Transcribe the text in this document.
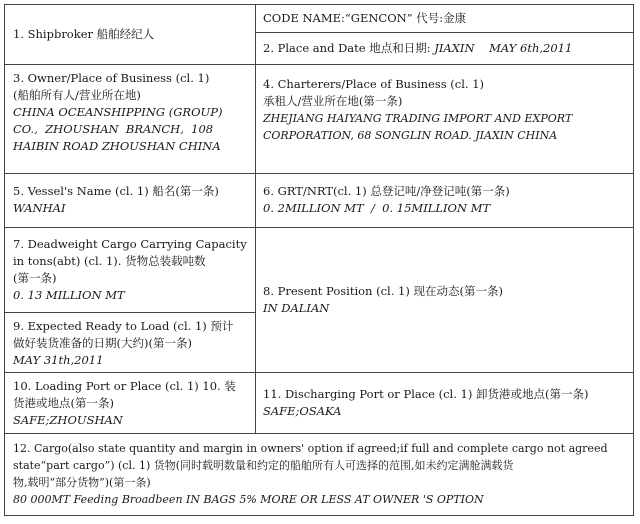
1. Shipbroker 船舶经纪人
CODE NAME:“GENCON” 代号:金康
2. Place and Date 地点和日期: JIAXIN    MAY 6th,2011
3. Owner/Place of Business (cl. 1)
(船舶所有人/营业所在地)
CHINA OCEANSHIPPING (GROUP)
CO.,  ZHOUSHAN  BRANCH,  108
HAIBIN ROAD ZHOUSHAN CHINA
4. Charterers/Place of Business (cl. 1)
承租人/营业所在地(第一条)
ZHEJIANG HAIYANG TRADING IMPORT AND EXPORT
CORPORATION, 68 SONGLIN ROAD. JIAXIN CHINA
5. Vessel's Name (cl. 1) 船名(第一条)
WANHAI
6. GRT/NRT(cl. 1) 总登记吨/净登记吨(第一条)
0. 2MILLION MT  /  0. 15MILLION MT
7. Deadweight Cargo Carrying Capacity
in tons(abt) (cl. 1). 货物总装载吨数
(第一条)
0. 13 MILLION MT	8. Present Position (cl. 1) 现在动态(第一条)
IN DALIAN
9. Expected Ready to Load (cl. 1) 预计
做好装货准备的日期(大约)(第一条)
MAY 31th,2011
10. Loading Port or Place (cl. 1) 10. 装
货港或地点(第一条)
SAFE;ZHOUSHAN
11. Discharging Port or Place (cl. 1) 卸货港或地点(第一条)
SAFE;OSAKA
12. Cargo(also state quantity and margin in owners' option if agreed;if full and complete cargo not agreed
state“part cargo”) (cl. 1) 货物(同时载明数量和约定的船舶所有人可选择的范围,如未约定满舱满载货
物,载明“部分货物”)(第一条)
80 000MT Feeding Broadbeen IN BAGS 5% MORE OR LESS AT OWNER 'S OPTION
